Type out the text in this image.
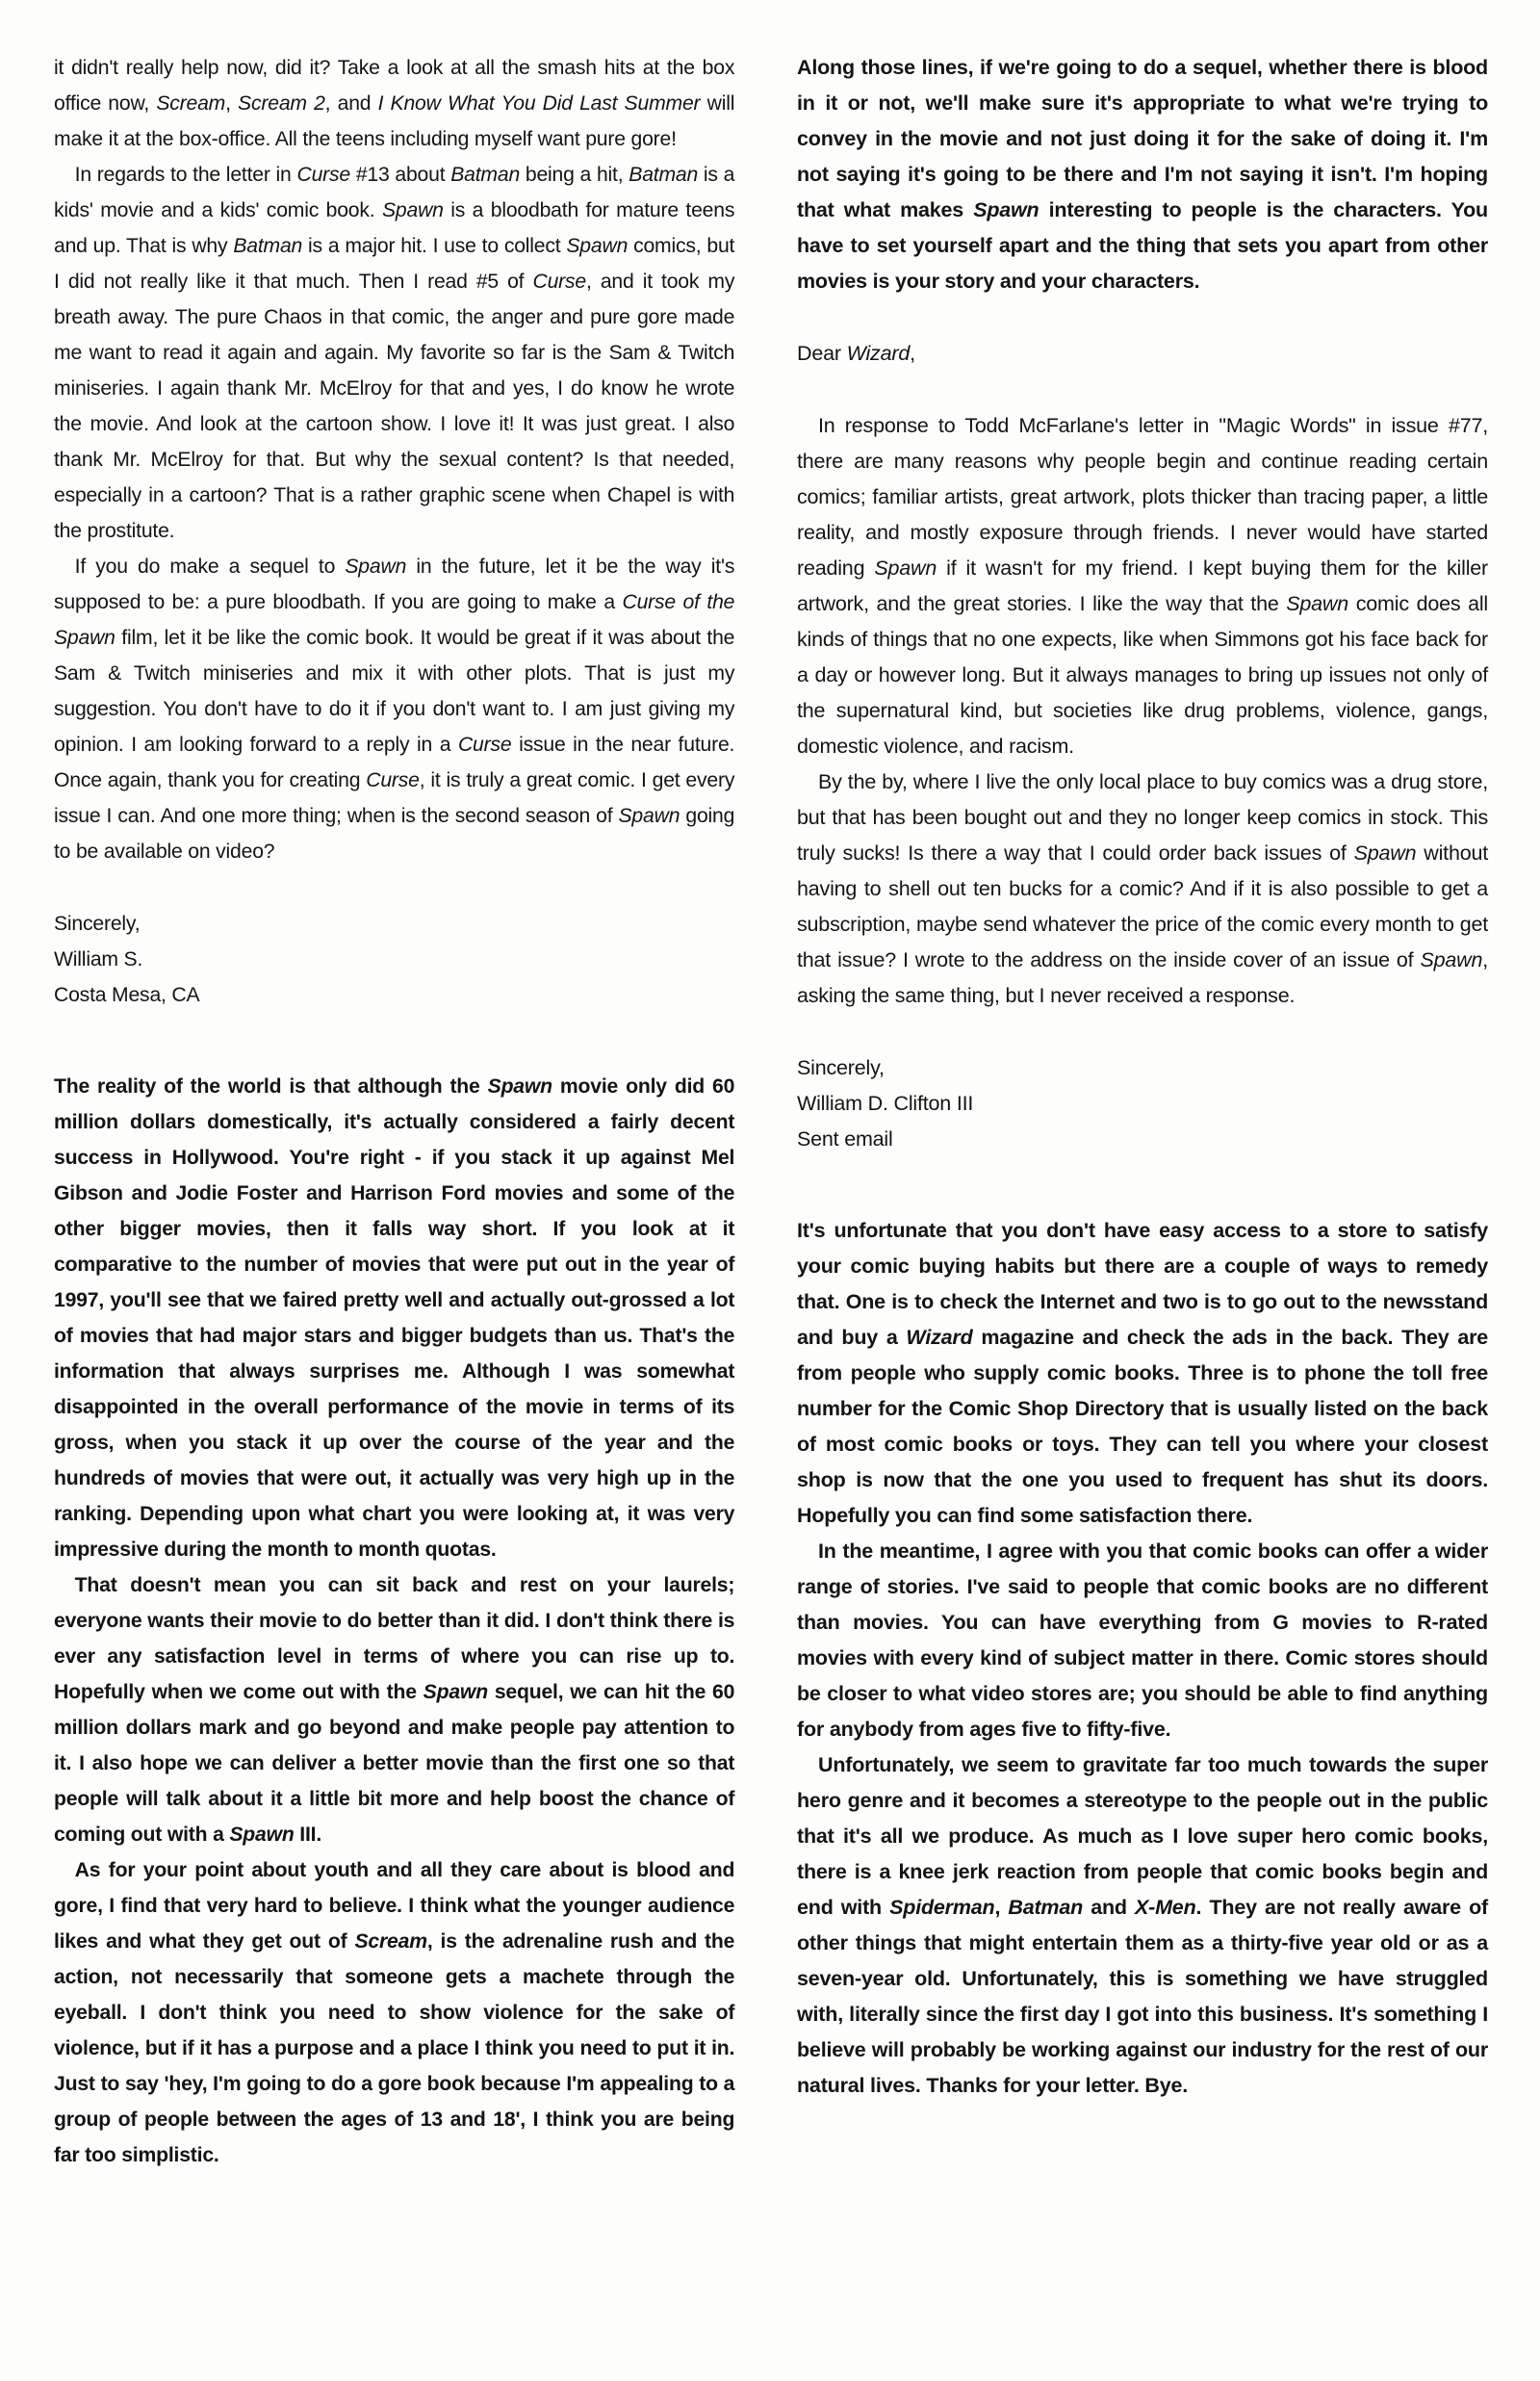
it didn't really help now, did it? Take a look at all the smash hits at the box office now, Scream, Scream 2, and I Know What You Did Last Summer will make it at the box-office. All the teens including myself want pure gore!

In regards to the letter in Curse #13 about Batman being a hit, Batman is a kids' movie and a kids' comic book. Spawn is a bloodbath for mature teens and up. That is why Batman is a major hit. I use to collect Spawn comics, but I did not really like it that much. Then I read #5 of Curse, and it took my breath away. The pure Chaos in that comic, the anger and pure gore made me want to read it again and again. My favorite so far is the Sam & Twitch miniseries. I again thank Mr. McElroy for that and yes, I do know he wrote the movie. And look at the cartoon show. I love it! It was just great. I also thank Mr. McElroy for that. But why the sexual content? Is that needed, especially in a cartoon? That is a rather graphic scene when Chapel is with the prostitute.

If you do make a sequel to Spawn in the future, let it be the way it's supposed to be: a pure bloodbath. If you are going to make a Curse of the Spawn film, let it be like the comic book. It would be great if it was about the Sam & Twitch miniseries and mix it with other plots. That is just my suggestion. You don't have to do it if you don't want to. I am just giving my opinion. I am looking forward to a reply in a Curse issue in the near future. Once again, thank you for creating Curse, it is truly a great comic. I get every issue I can. And one more thing; when is the second season of Spawn going to be available on video?

Sincerely,

William S.

Costa Mesa, CA

The reality of the world is that although the Spawn movie only did 60 million dollars domestically, it's actually considered a fairly decent success in Hollywood. You're right - if you stack it up against Mel Gibson and Jodie Foster and Harrison Ford movies and some of the other bigger movies, then it falls way short. If you look at it comparative to the number of movies that were put out in the year of 1997, you'll see that we faired pretty well and actually out-grossed a lot of movies that had major stars and bigger budgets than us. That's the information that always surprises me. Although I was somewhat disappointed in the overall performance of the movie in terms of its gross, when you stack it up over the course of the year and the hundreds of movies that were out, it actually was very high up in the ranking. Depending upon what chart you were looking at, it was very impressive during the month to month quotas.

That doesn't mean you can sit back and rest on your laurels; everyone wants their movie to do better than it did. I don't think there is ever any satisfaction level in terms of where you can rise up to. Hopefully when we come out with the Spawn sequel, we can hit the 60 million dollars mark and go beyond and make people pay attention to it. I also hope we can deliver a better movie than the first one so that people will talk about it a little bit more and help boost the chance of coming out with a Spawn III.

As for your point about youth and all they care about is blood and gore, I find that very hard to believe. I think what the younger audience likes and what they get out of Scream, is the adrenaline rush and the action, not necessarily that someone gets a machete through the eyeball. I don't think you need to show violence for the sake of violence, but if it has a purpose and a place I think you need to put it in. Just to say 'hey, I'm going to do a gore book because I'm appealing to a group of people between the ages of 13 and 18', I think you are being far too simplistic.

Along those lines, if we're going to do a sequel, whether there is blood in it or not, we'll make sure it's appropriate to what we're trying to convey in the movie and not just doing it for the sake of doing it. I'm not saying it's going to be there and I'm not saying it isn't. I'm hoping that what makes Spawn interesting to people is the characters. You have to set yourself apart and the thing that sets you apart from other movies is your story and your characters.

Dear Wizard,

In response to Todd McFarlane's letter in "Magic Words" in issue #77, there are many reasons why people begin and continue reading certain comics; familiar artists, great artwork, plots thicker than tracing paper, a little reality, and mostly exposure through friends. I never would have started reading Spawn if it wasn't for my friend. I kept buying them for the killer artwork, and the great stories. I like the way that the Spawn comic does all kinds of things that no one expects, like when Simmons got his face back for a day or however long. But it always manages to bring up issues not only of the supernatural kind, but societies like drug problems, violence, gangs, domestic violence, and racism.

By the by, where I live the only local place to buy comics was a drug store, but that has been bought out and they no longer keep comics in stock. This truly sucks! Is there a way that I could order back issues of Spawn without having to shell out ten bucks for a comic? And if it is also possible to get a subscription, maybe send whatever the price of the comic every month to get that issue? I wrote to the address on the inside cover of an issue of Spawn, asking the same thing, but I never received a response.

Sincerely,

William D. Clifton III

Sent email

It's unfortunate that you don't have easy access to a store to satisfy your comic buying habits but there are a couple of ways to remedy that. One is to check the Internet and two is to go out to the newsstand and buy a Wizard magazine and check the ads in the back. They are from people who supply comic books. Three is to phone the toll free number for the Comic Shop Directory that is usually listed on the back of most comic books or toys. They can tell you where your closest shop is now that the one you used to frequent has shut its doors. Hopefully you can find some satisfaction there.

In the meantime, I agree with you that comic books can offer a wider range of stories. I've said to people that comic books are no different than movies. You can have everything from G movies to R-rated movies with every kind of subject matter in there. Comic stores should be closer to what video stores are; you should be able to find anything for anybody from ages five to fifty-five.

Unfortunately, we seem to gravitate far too much towards the super hero genre and it becomes a stereotype to the people out in the public that it's all we produce. As much as I love super hero comic books, there is a knee jerk reaction from people that comic books begin and end with Spiderman, Batman and X-Men. They are not really aware of other things that might entertain them as a thirty-five year old or as a seven-year old. Unfortunately, this is something we have struggled with, literally since the first day I got into this business. It's something I believe will probably be working against our industry for the rest of our natural lives. Thanks for your letter. Bye.
